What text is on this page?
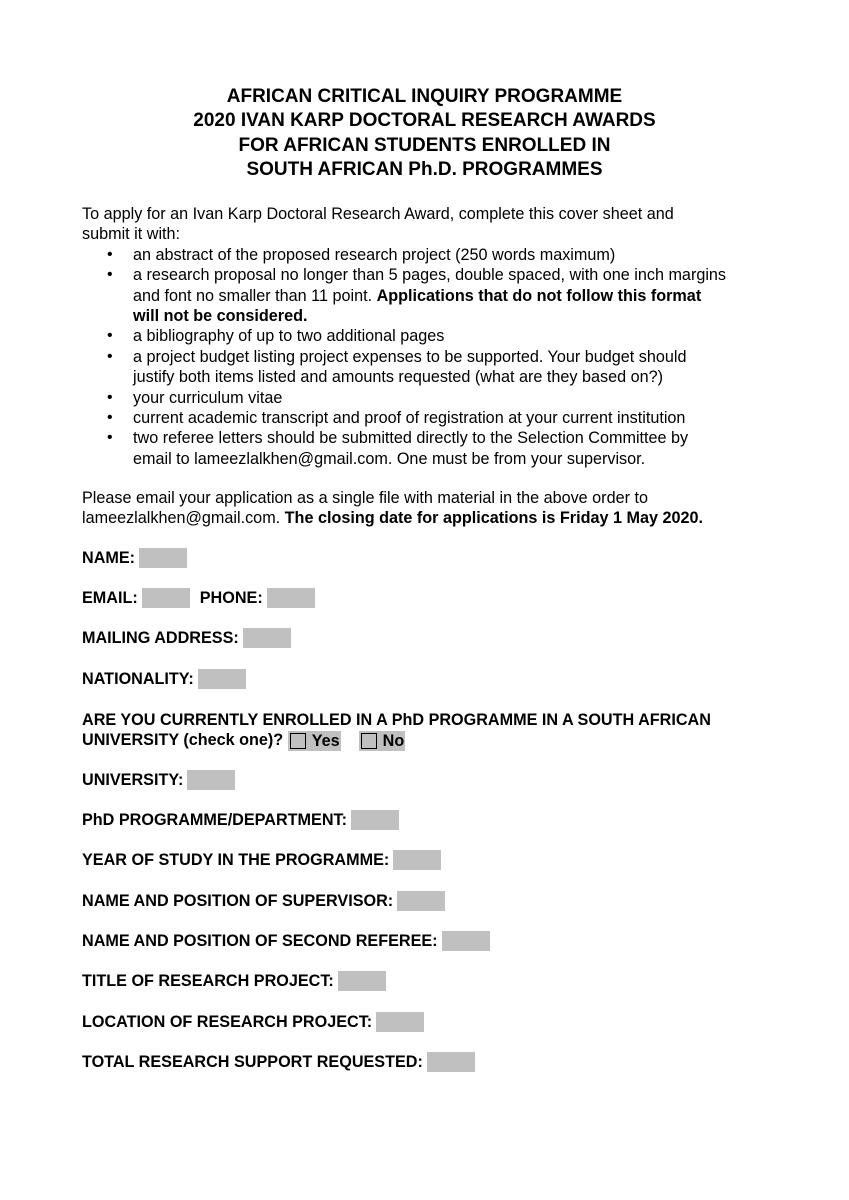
AFRICAN CRITICAL INQUIRY PROGRAMME
2020 IVAN KARP DOCTORAL RESEARCH AWARDS
FOR AFRICAN STUDENTS ENROLLED IN
SOUTH AFRICAN Ph.D. PROGRAMMES
To apply for an Ivan Karp Doctoral Research Award, complete this cover sheet and
submit it with:
• an abstract of the proposed research project (250 words maximum)
• a research proposal no longer than 5 pages, double spaced, with one inch margins
and font no smaller than 11 point. Applications that do not follow this format
will not be considered.
• a bibliography of up to two additional pages
• a project budget listing project expenses to be supported. Your budget should
justify both items listed and amounts requested (what are they based on?)
• your curriculum vitae
• current academic transcript and proof of registration at your current institution
• two referee letters should be submitted directly to the Selection Committee by
email to lameezlalkhen@gmail.com. One must be from your supervisor.
Please email your application as a single file with material in the above order to
lameezlalkhen@gmail.com. The closing date for applications is Friday 1 May 2020.
NAME:
EMAIL:	PHONE:
MAILING ADDRESS:
NATIONALITY:
ARE YOU CURRENTLY ENROLLED IN A PhD PROGRAMME IN A SOUTH AFRICAN
UNIVERSITY (check one)? Yes
	No
UNIVERSITY:
PhD PROGRAMME/DEPARTMENT:
YEAR OF STUDY IN THE PROGRAMME:
NAME AND POSITION OF SUPERVISOR:
NAME AND POSITION OF SECOND REFEREE:
TITLE OF RESEARCH PROJECT:
LOCATION OF RESEARCH PROJECT:
TOTAL RESEARCH SUPPORT REQUESTED:
